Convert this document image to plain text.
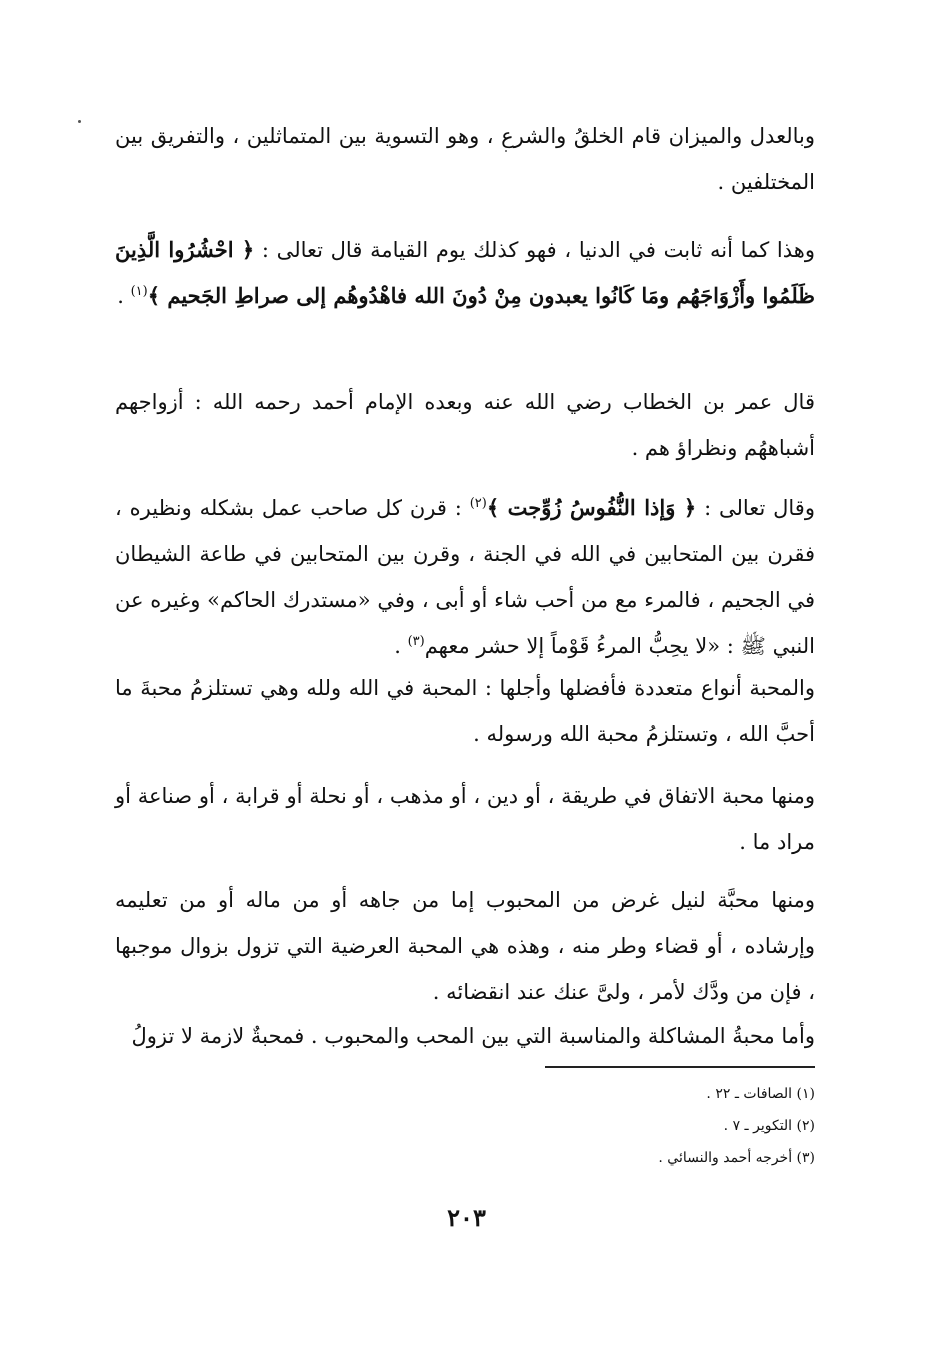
وبالعدل والميزان قام الخلقُ والشرع ، وهو التسوية بين المتماثلين ، والتفريق بين المختلفين .

وهذا كما أنه ثابت في الدنيا ، فهو كذلك يوم القيامة قال تعالى : ﴿ احْشُرُوا الَّذِينَ ظَلَمُوا وأَزْوَاجَهُم ومَا كَانُوا يعبدون مِنْ دُونَ الله فاهْدُوهُم إلى صراطِ الجَحيم ﴾$^{(١)}$ .

قال عمر بن الخطاب رضي الله عنه وبعده الإمام أحمد رحمه الله : أزواجهم أشباههُم ونظراؤ هم .

وقال تعالى : ﴿ وَإذا النُّفُوسُ زُوِّجت ﴾$^{(٢)}$ : قرن كل صاحب عمل بشكله ونظيره ، فقرن بين المتحابين في الله في الجنة ، وقرن بين المتحابين في طاعة الشيطان في الجحيم ، فالمرء مع من أحب شاء أو أبى ، وفي «مستدرك الحاكم» وغيره عن النبي ﷺ : «لا يحِبُّ المرءُ قَوْماً إلا حشر معهم$^{(٣)}$ .

والمحبة أنواع متعددة فأفضلها وأجلها : المحبة في الله ولله وهي تستلزمُ محبةَ ما أحبَّ الله ، وتستلزمُ محبة الله ورسوله .

ومنها محبة الاتفاق في طريقة ، أو دين ، أو مذهب ، أو نحلة أو قرابة ، أو صناعة أو مراد ما .

ومنها محبَّة لنيل غرض من المحبوب إما من جاهه أو من ماله أو من تعليمه وإرشاده ، أو قضاء وطر منه ، وهذه هي المحبة العرضية التي تزول بزوال موجبها ، فإن من ودَّك لأمر ، ولىَّ عنك عند انقضائه .

وأما محبةُ المشاكلة والمناسبة التي بين المحب والمحبوب . فمحبةٌ لازمة لا تزولُ

(١) الصافات ـ ٢٢ .
(٢) التكوير ـ ٧ .
(٣) أخرجه أحمد والنسائي .
٢٠٣
